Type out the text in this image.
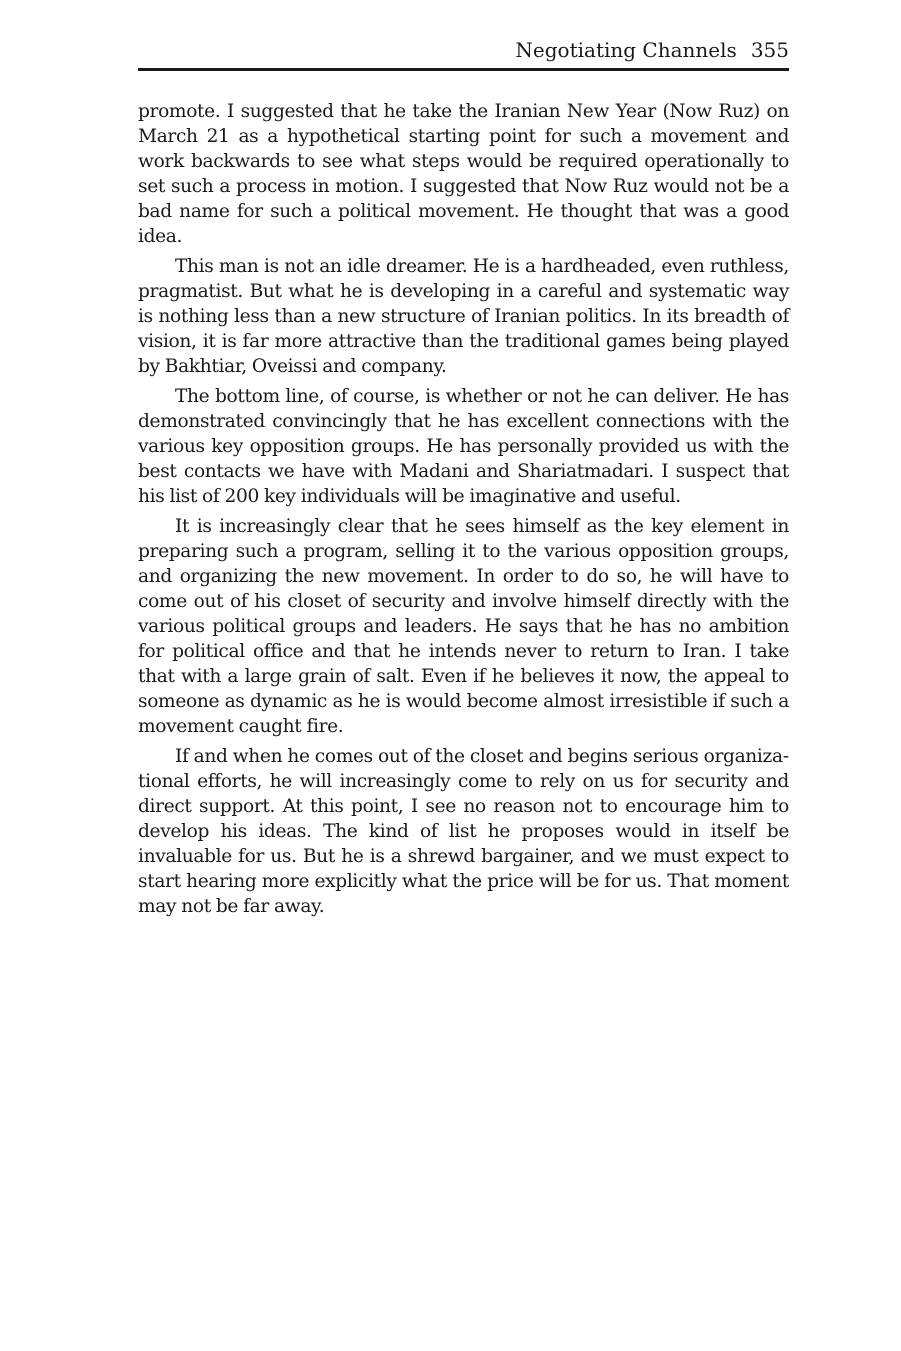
Negotiating Channels 355

promote. I suggested that he take the Iranian New Year (Now Ruz) on March 21 as a hypothetical starting point for such a movement and work backwards to see what steps would be required operationally to set such a process in motion. I suggested that Now Ruz would not be a bad name for such a political movement. He thought that was a good idea.

This man is not an idle dreamer. He is a hardheaded, even ruthless, pragmatist. But what he is developing in a careful and systematic way is nothing less than a new structure of Iranian politics. In its breadth of vision, it is far more attractive than the traditional games being played by Bakhtiar, Oveissi and company.

The bottom line, of course, is whether or not he can deliver. He has demonstrated convincingly that he has excellent connections with the various key opposition groups. He has personally provided us with the best contacts we have with Madani and Shariatmadari. I suspect that his list of 200 key individuals will be imaginative and useful.

It is increasingly clear that he sees himself as the key element in preparing such a program, selling it to the various opposition groups, and organizing the new movement. In order to do so, he will have to come out of his closet of security and involve himself directly with the various political groups and leaders. He says that he has no ambition for political office and that he intends never to return to Iran. I take that with a large grain of salt. Even if he believes it now, the appeal to someone as dynamic as he is would become almost irresistible if such a movement caught fire.

If and when he comes out of the closet and begins serious organizational efforts, he will increasingly come to rely on us for security and direct support. At this point, I see no reason not to encourage him to develop his ideas. The kind of list he proposes would in itself be invaluable for us. But he is a shrewd bargainer, and we must expect to start hearing more explicitly what the price will be for us. That moment may not be far away.
